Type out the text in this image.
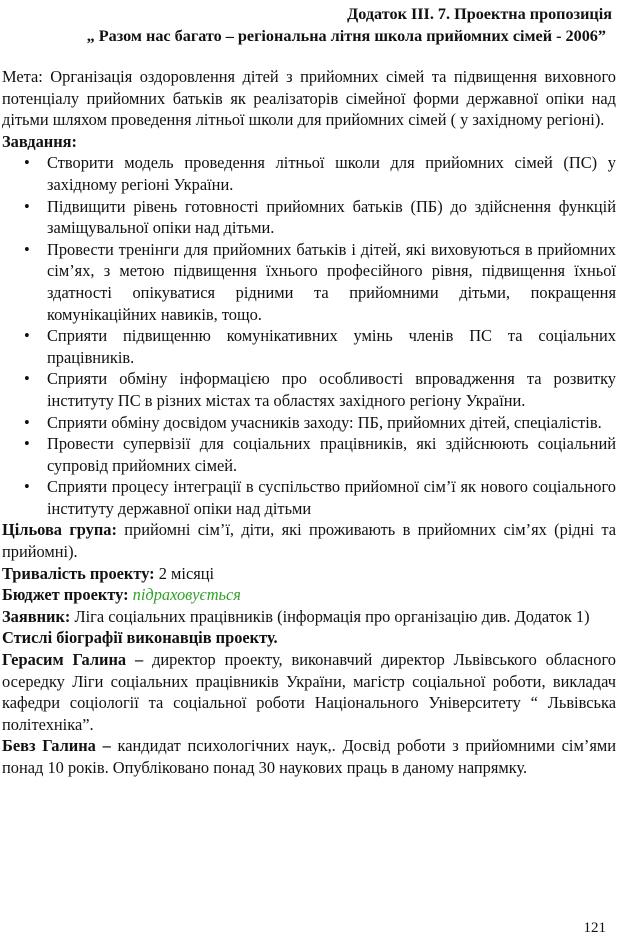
Додаток ІІІ. 7. Проектна пропозиція
„ Разом нас багато – регіональна літня школа прийомних сімей - 2006”

Мета: Організація оздоровлення дітей з прийомних сімей та підвищення виховного потенціалу прийомних батьків як реалізаторів сімейної форми державної опіки над дітьми шляхом проведення літньої школи для прийомних сімей ( у західному регіоні).

Завдання:

• Створити модель проведення літньої школи для прийомних сімей (ПС) у західному регіоні України.
• Підвищити рівень готовності прийомних батьків (ПБ) до здійснення функцій заміщувальної опіки над дітьми.
• Провести тренінги для прийомних батьків і дітей, які виховуються в прийомних сім’ях, з метою підвищення їхнього професійного рівня, підвищення їхньої здатності опікуватися рідними та прийомними дітьми, покращення комунікаційних навиків, тощо.
• Сприяти підвищенню комунікативних умінь членів ПС та соціальних працівників.
• Сприяти обміну інформацією про особливості впровадження та розвитку інституту ПС в різних містах та областях західного регіону України.
• Сприяти обміну досвідом учасників заходу: ПБ, прийомних дітей, спеціалістів.
• Провести супервізії для соціальних працівників, які здійснюють соціальний супровід прийомних сімей.
• Сприяти процесу інтеграції в суспільство прийомної сім’ї як нового соціального інституту державної опіки над дітьми

Цільова група: прийомні сім’ї, діти, які проживають в прийомних сім’ях (рідні та прийомні).

Тривалість проекту: 2 місяці

Бюджет проекту: підраховується

Заявник: Ліга соціальних працівників (інформація про організацію див. Додаток 1)

Стислі біографії виконавців проекту.

Герасим Галина – директор проекту, виконавчий директор Львівського обласного осередку Ліги соціальних працівників України, магістр соціальної роботи, викладач кафедри соціології та соціальної роботи Національного Університету “ Львівська політехніка”.

Бевз Галина – кандидат психологічних наук,. Досвід роботи з прийомними сім’ями понад 10 років. Опубліковано понад 30 наукових праць в даному напрямку.

121
